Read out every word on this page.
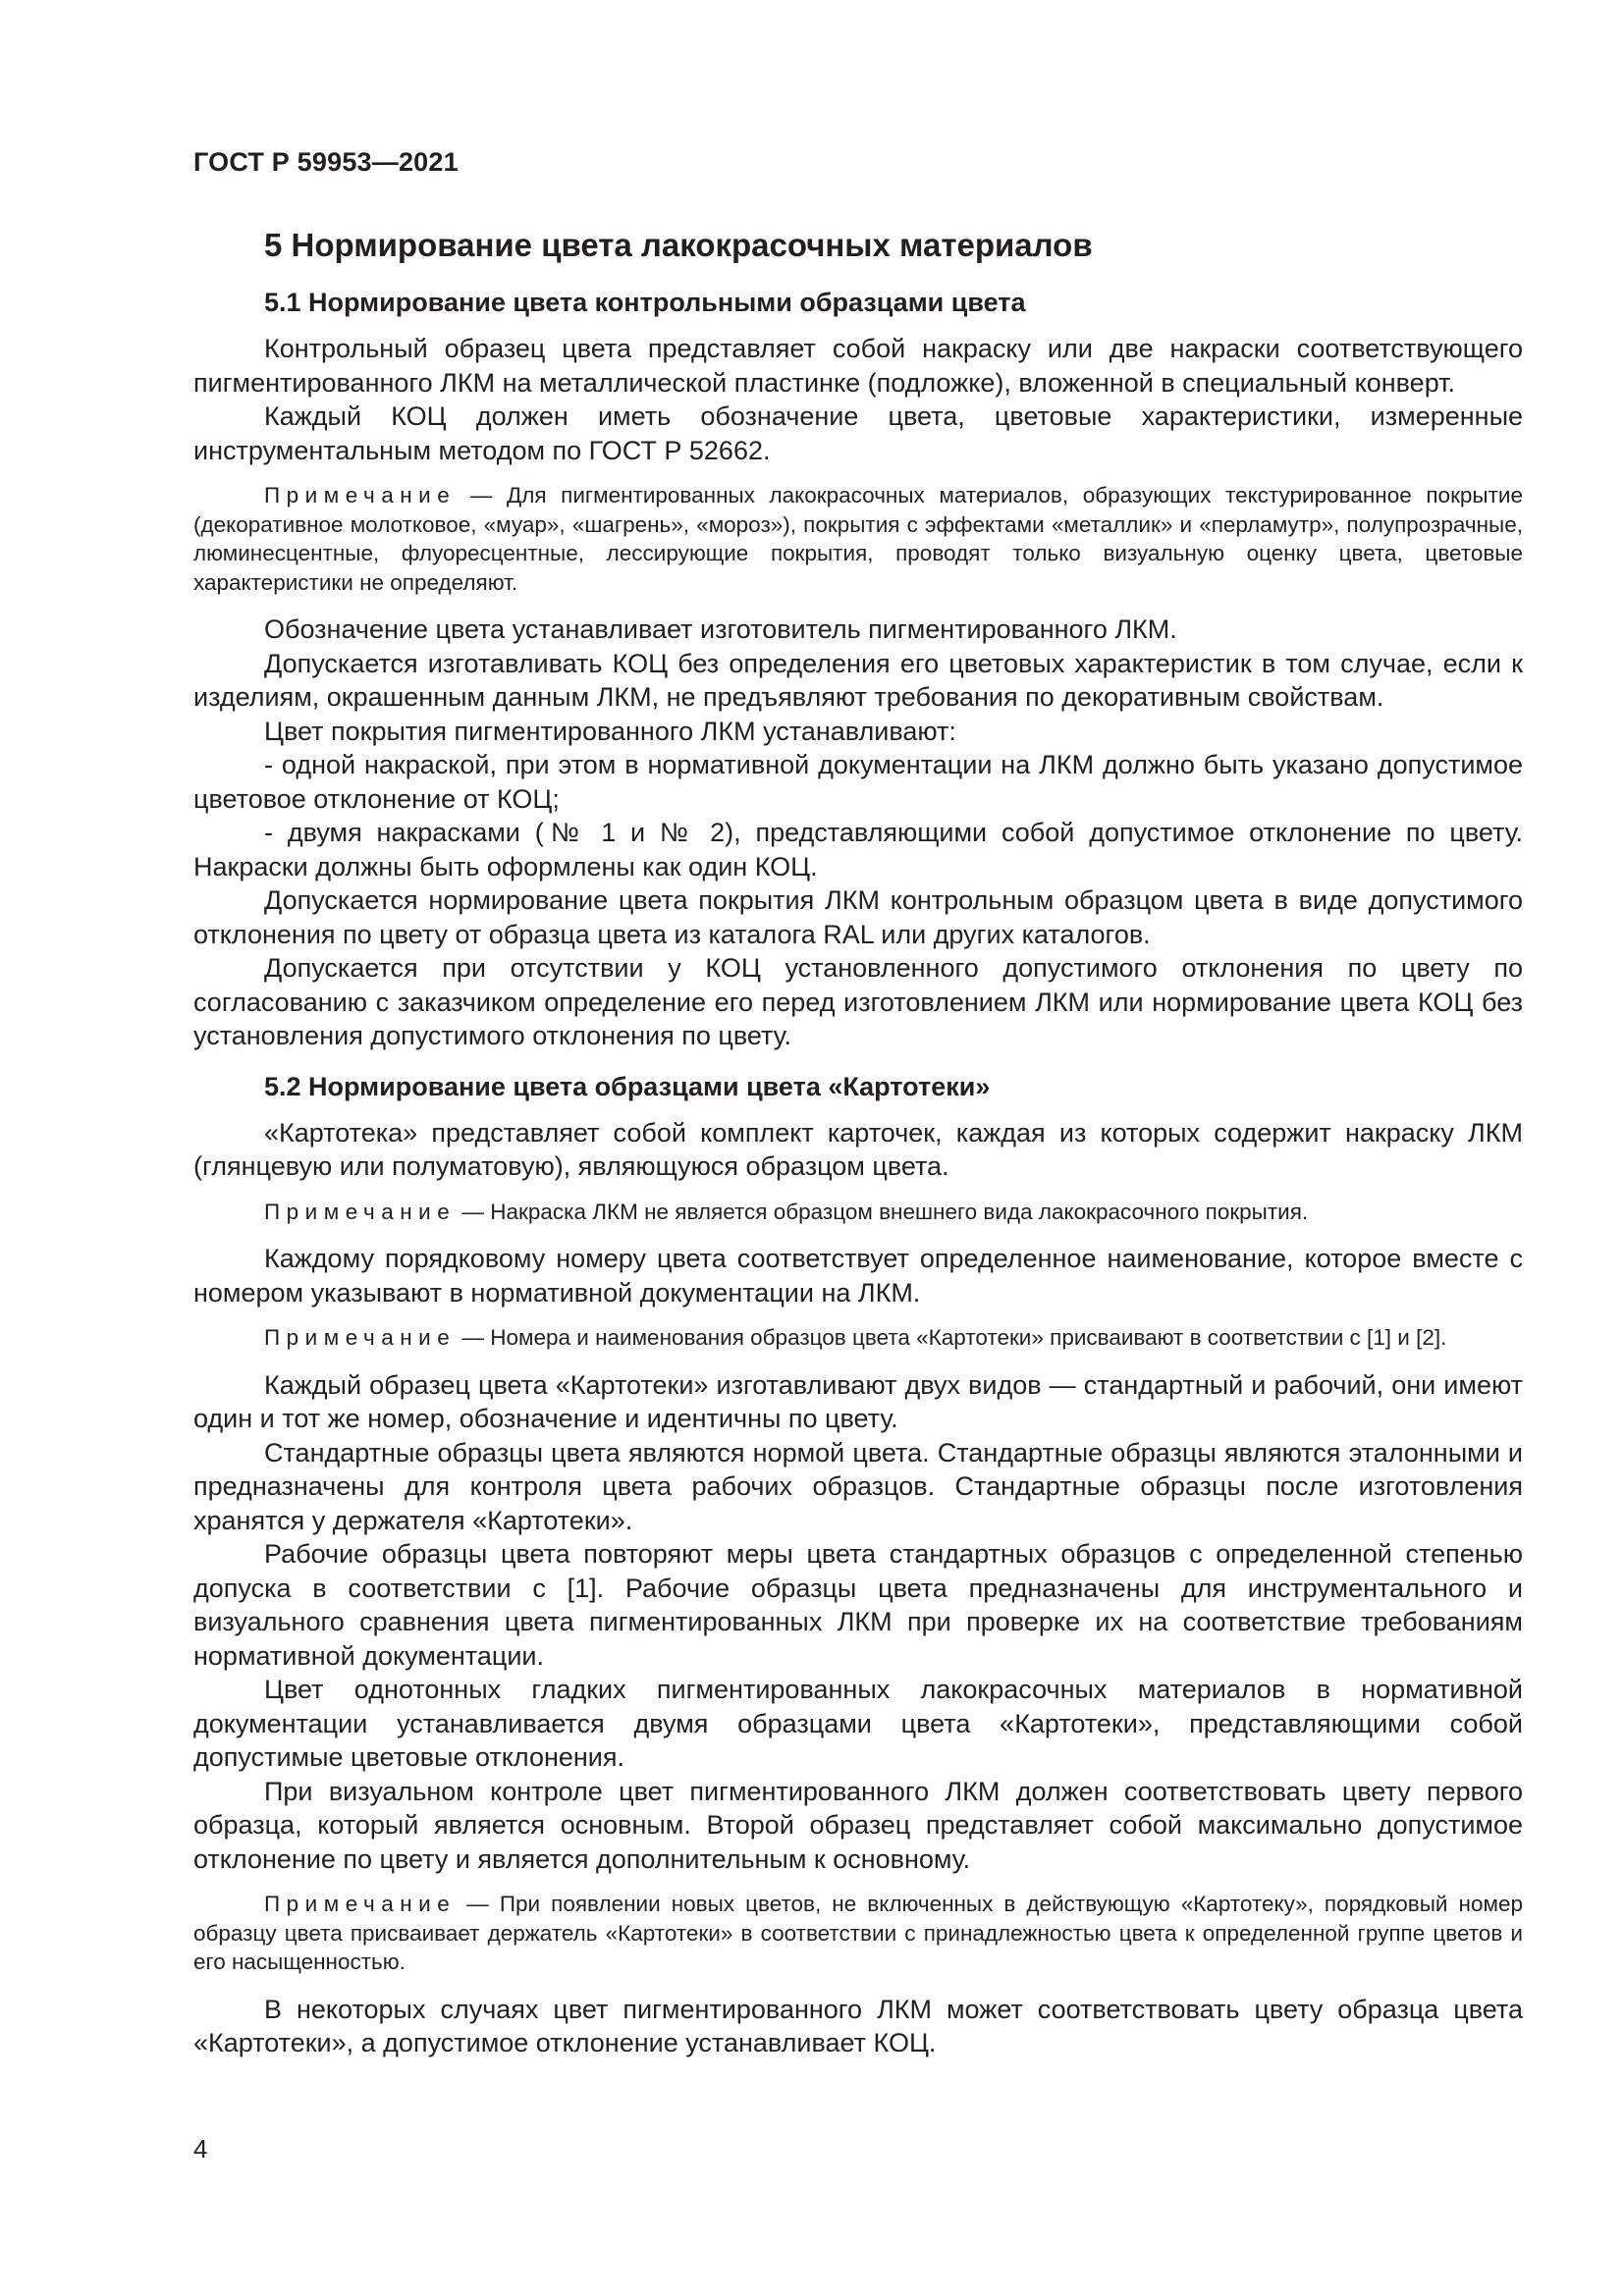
ГОСТ Р 59953—2021
5 Нормирование цвета лакокрасочных материалов
5.1 Нормирование цвета контрольными образцами цвета

Контрольный образец цвета представляет собой накраску или две накраски соответствующего пигментированного ЛКМ на металлической пластинке (подложке), вложенной в специальный конверт.

Каждый КОЦ должен иметь обозначение цвета, цветовые характеристики, измеренные инструментальным методом по ГОСТ Р 52662.

Примечание — Для пигментированных лакокрасочных материалов, образующих текстурированное покрытие (декоративное молотковое, «муар», «шагрень», «мороз»), покрытия с эффектами «металлик» и «перламутр», полупрозрачные, люминесцентные, флуоресцентные, лессирующие покрытия, проводят только визуальную оценку цвета, цветовые характеристики не определяют.

Обозначение цвета устанавливает изготовитель пигментированного ЛКМ.

Допускается изготавливать КОЦ без определения его цветовых характеристик в том случае, если к изделиям, окрашенным данным ЛКМ, не предъявляют требования по декоративным свойствам.

Цвет покрытия пигментированного ЛКМ устанавливают:

- одной накраской, при этом в нормативной документации на ЛКМ должно быть указано допустимое цветовое отклонение от КОЦ;

- двумя накрасками (№ 1 и № 2), представляющими собой допустимое отклонение по цвету. Накраски должны быть оформлены как один КОЦ.

Допускается нормирование цвета покрытия ЛКМ контрольным образцом цвета в виде допустимого отклонения по цвету от образца цвета из каталога RAL или других каталогов.

Допускается при отсутствии у КОЦ установленного допустимого отклонения по цвету по согласованию с заказчиком определение его перед изготовлением ЛКМ или нормирование цвета КОЦ без установления допустимого отклонения по цвету.

5.2 Нормирование цвета образцами цвета «Картотеки»

«Картотека» представляет собой комплект карточек, каждая из которых содержит накраску ЛКМ (глянцевую или полуматовую), являющуюся образцом цвета.

Примечание — Накраска ЛКМ не является образцом внешнего вида лакокрасочного покрытия.

Каждому порядковому номеру цвета соответствует определенное наименование, которое вместе с номером указывают в нормативной документации на ЛКМ.

Примечание — Номера и наименования образцов цвета «Картотеки» присваивают в соответствии с [1] и [2].

Каждый образец цвета «Картотеки» изготавливают двух видов — стандартный и рабочий, они имеют один и тот же номер, обозначение и идентичны по цвету.

Стандартные образцы цвета являются нормой цвета. Стандартные образцы являются эталонными и предназначены для контроля цвета рабочих образцов. Стандартные образцы после изготовления хранятся у держателя «Картотеки».

Рабочие образцы цвета повторяют меры цвета стандартных образцов с определенной степенью допуска в соответствии с [1]. Рабочие образцы цвета предназначены для инструментального и визуального сравнения цвета пигментированных ЛКМ при проверке их на соответствие требованиям нормативной документации.

Цвет однотонных гладких пигментированных лакокрасочных материалов в нормативной документации устанавливается двумя образцами цвета «Картотеки», представляющими собой допустимые цветовые отклонения.

При визуальном контроле цвет пигментированного ЛКМ должен соответствовать цвету первого образца, который является основным. Второй образец представляет собой максимально допустимое отклонение по цвету и является дополнительным к основному.

Примечание — При появлении новых цветов, не включенных в действующую «Картотеку», порядковый номер образцу цвета присваивает держатель «Картотеки» в соответствии с принадлежностью цвета к определенной группе цветов и его насыщенностью.

В некоторых случаях цвет пигментированного ЛКМ может соответствовать цвету образца цвета «Картотеки», а допустимое отклонение устанавливает КОЦ.

4
